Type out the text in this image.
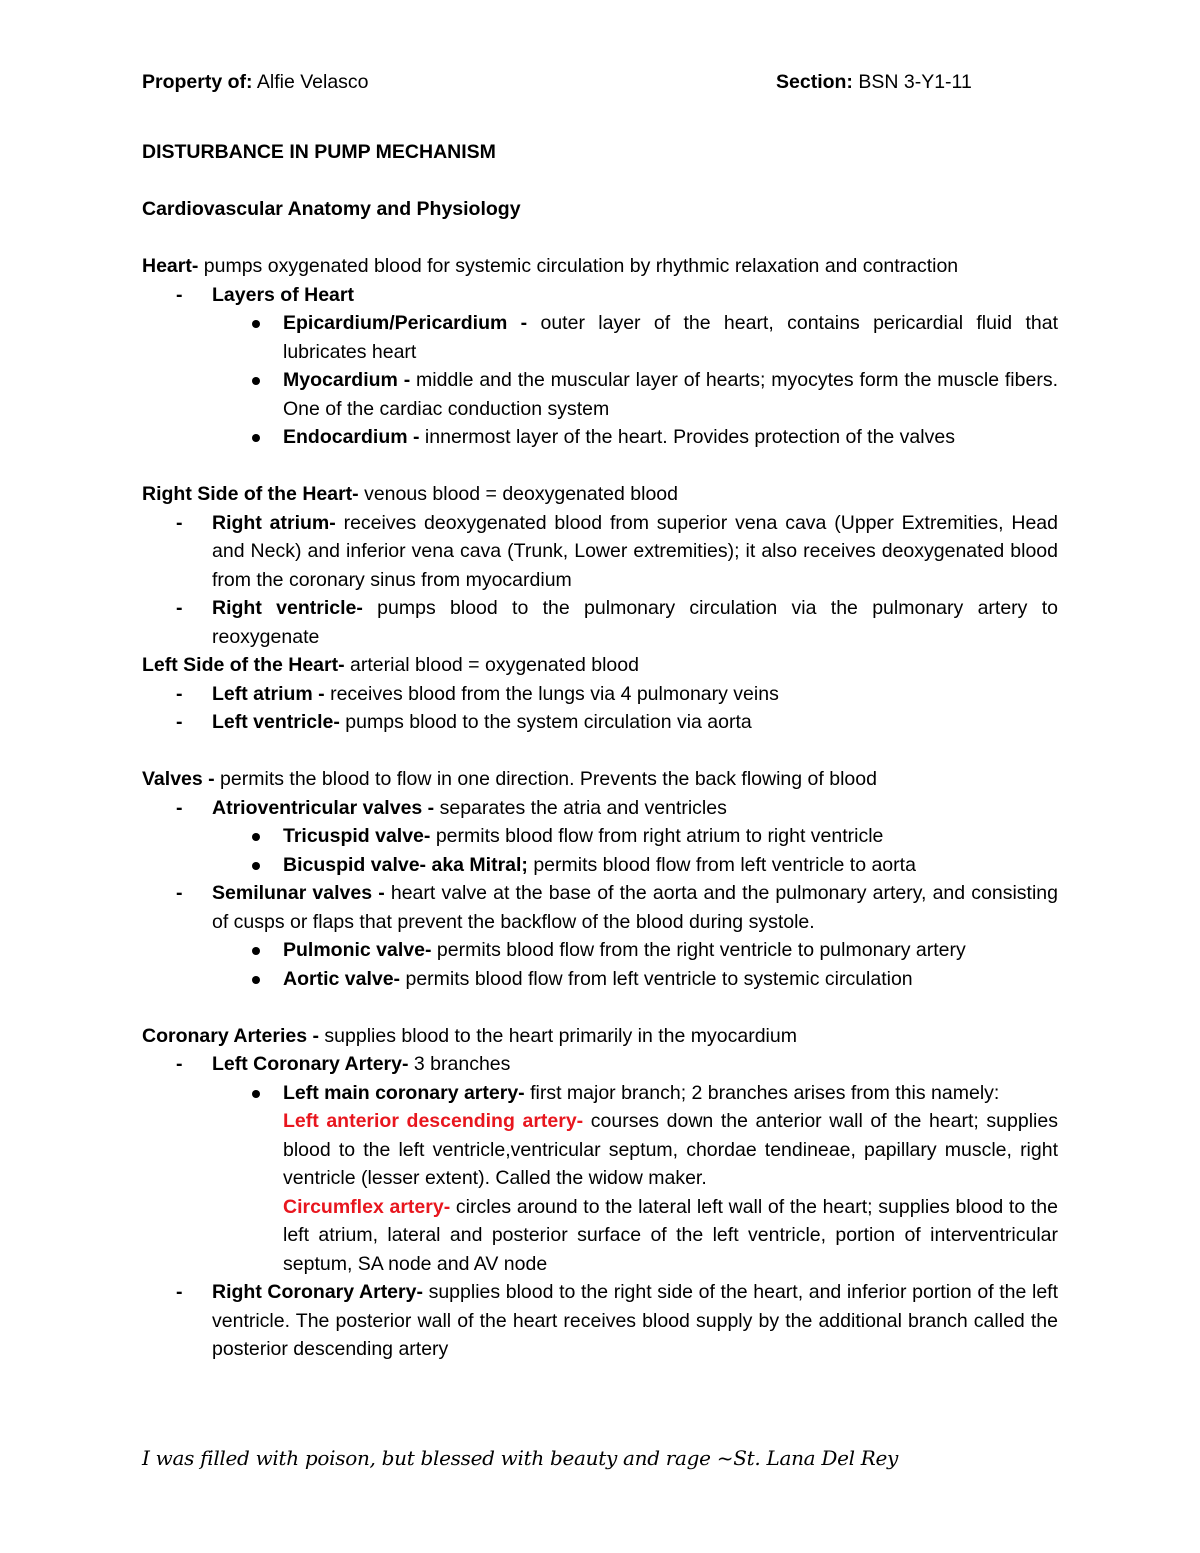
Property of: Alfie Velasco	Section: BSN 3-Y1-11

DISTURBANCE IN PUMP MECHANISM

Cardiovascular Anatomy and Physiology

Heart- pumps oxygenated blood for systemic circulation by rhythmic relaxation and contraction

- Layers of Heart
Epicardium/Pericardium - outer layer of the heart, contains pericardial fluid that lubricates heart
Myocardium - middle and the muscular layer of hearts; myocytes form the muscle fibers. One of the cardiac conduction system
Endocardium - innermost layer of the heart. Provides protection of the valves

Right Side of the Heart- venous blood = deoxygenated blood

- Right atrium- receives deoxygenated blood from superior vena cava (Upper Extremities, Head and Neck) and inferior vena cava (Trunk, Lower extremities); it also receives deoxygenated blood from the coronary sinus from myocardium
- Right ventricle- pumps blood to the pulmonary circulation via the pulmonary artery to reoxygenate

Left Side of the Heart- arterial blood = oxygenated blood

- Left atrium - receives blood from the lungs via 4 pulmonary veins
- Left ventricle- pumps blood to the system circulation via aorta

Valves - permits the blood to flow in one direction. Prevents the back flowing of blood

- Atrioventricular valves - separates the atria and ventricles
Tricuspid valve- permits blood flow from right atrium to right ventricle
Bicuspid valve- aka Mitral; permits blood flow from left ventricle to aorta
- Semilunar valves - heart valve at the base of the aorta and the pulmonary artery, and consisting of cusps or flaps that prevent the backflow of the blood during systole.
Pulmonic valve- permits blood flow from the right ventricle to pulmonary artery
Aortic valve- permits blood flow from left ventricle to systemic circulation

Coronary Arteries - supplies blood to the heart primarily in the myocardium

- Left Coronary Artery- 3 branches
Left main coronary artery- first major branch; 2 branches arises from this namely:
Left anterior descending artery- courses down the anterior wall of the heart; supplies blood to the left ventricle,ventricular septum, chordae tendineae, papillary muscle, right ventricle (lesser extent). Called the widow maker.
Circumflex artery- circles around to the lateral left wall of the heart; supplies blood to the left atrium, lateral and posterior surface of the left ventricle, portion of interventricular septum, SA node and AV node
- Right Coronary Artery- supplies blood to the right side of the heart, and inferior portion of the left ventricle. The posterior wall of the heart receives blood supply by the additional branch called the posterior descending artery
I was filled with poison, but blessed with beauty and rage ~St. Lana Del Rey
